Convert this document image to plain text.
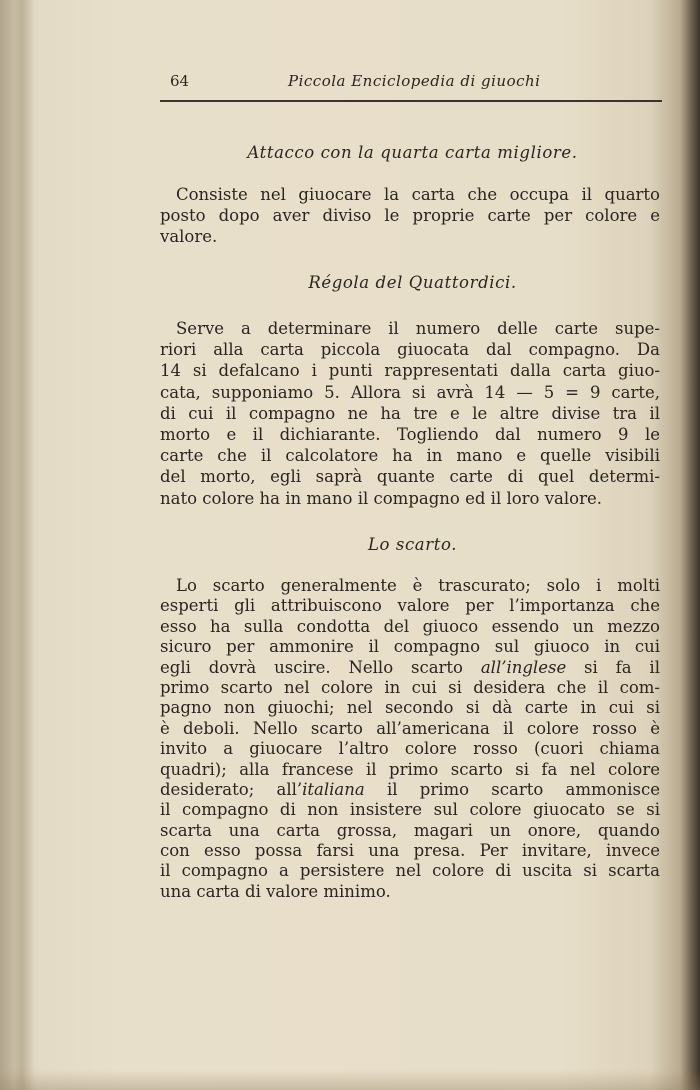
64	Piccola Enciclopedia di giuochi
Attacco con la quarta carta migliore.
Consiste nel giuocare la carta che occupa il quarto
posto dopo aver diviso le proprie carte per colore e
valore.
Régola del Quattordici.
Serve a determinare il numero delle carte supe-
riori alla carta piccola giuocata dal compagno. Da
14 si defalcano i punti rappresentati dalla carta giuo-
cata, supponiamo 5. Allora si avrà 14 — 5 = 9 carte,
di cui il compagno ne ha tre e le altre divise tra il
morto e il dichiarante. Togliendo dal numero 9 le
carte che il calcolatore ha in mano e quelle visibili
del morto, egli saprà quante carte di quel determi-
nato colore ha in mano il compagno ed il loro valore.
Lo scarto.
Lo scarto generalmente è trascurato; solo i molti
esperti gli attribuiscono valore per l’importanza che
esso ha sulla condotta del giuoco essendo un mezzo
sicuro per ammonire il compagno sul giuoco in cui
egli dovrà uscire. Nello scarto all’inglese si fa il
primo scarto nel colore in cui si desidera che il com-
pagno non giuochi; nel secondo si dà carte in cui si
è deboli. Nello scarto all’americana il colore rosso è
invito a giuocare l’altro colore rosso (cuori chiama
quadri); alla francese il primo scarto si fa nel colore
desiderato; all’italiana il primo scarto ammonisce
il compagno di non insistere sul colore giuocato se si
scarta una carta grossa, magari un onore, quando
con esso possa farsi una presa. Per invitare, invece
il compagno a persistere nel colore di uscita si scarta
una carta di valore minimo.
